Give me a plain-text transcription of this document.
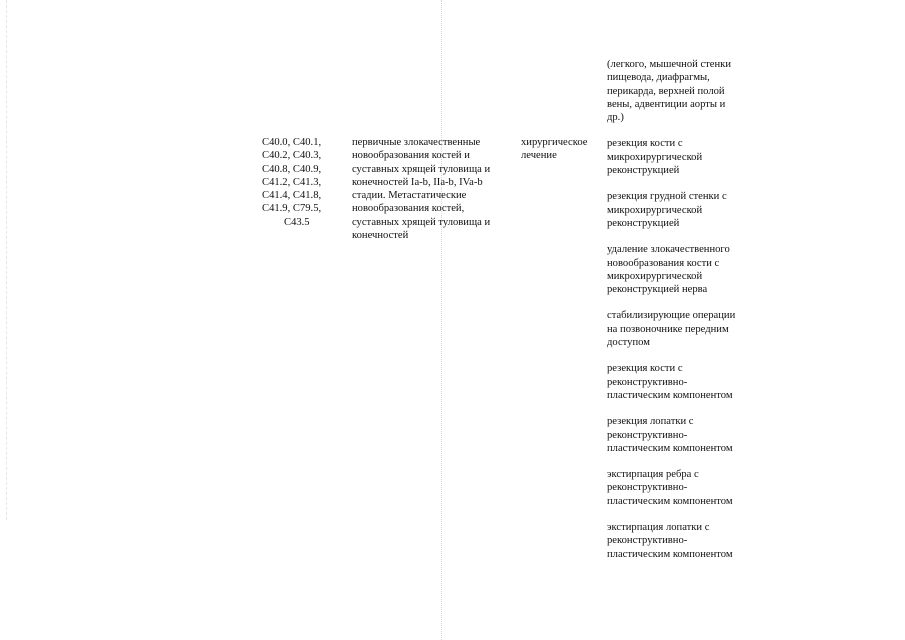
(легкого, мышечной стенки
пищевода, диафрагмы,
перикарда, верхней полой
вены, адвентиции аорты и
др.)
резекция кости с
микрохирургической
реконструкцией
резекция грудной стенки с
микрохирургической
реконструкцией
удаление злокачественного
новообразования кости с
микрохирургической
реконструкцией нерва
стабилизирующие операции
на позвоночнике передним
доступом
резекция кости с
реконструктивно-
пластическим компонентом
резекция лопатки с
реконструктивно-
пластическим компонентом
экстирпация ребра с
реконструктивно-
пластическим компонентом
экстирпация лопатки с
реконструктивно-
пластическим компонентом
C40.0, C40.1,
C40.2, C40.3,
C40.8, C40.9,
C41.2, C41.3,
C41.4, C41.8,
C41.9, C79.5,
C43.5
первичные злокачественные
новообразования костей и
суставных хрящей туловища и
конечностей Ia-b, IIa-b, IVa-b
стадии. Метастатические
новообразования костей,
суставных хрящей туловища и
конечностей
хирургическое
лечение
